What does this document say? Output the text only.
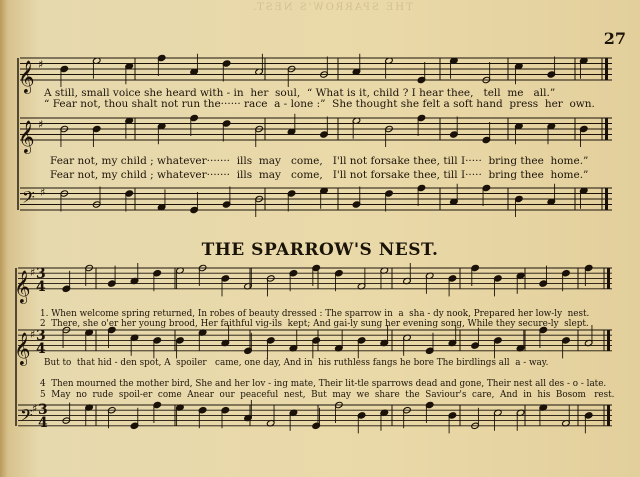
THE SPARROW'S NEST.
27
𝄞 ♯
𝄞 ♯
𝄢 ♯
𝄞 ♯ 3
4
𝄞 ♯ 3
4
𝄢 ♯ 3
4
A still, small voice she heard with - in  her  soul,  “ What is it, child ? I hear thee,   tell  me   all.”
“ Fear not, thou shalt not run the······ race  a - lone :”  She thought she felt a soft hand  press  her  own.
Fear not, my child ; whatever·······  ills  may   come,   I'll not forsake thee, till I·····  bring thee  home.”
Fear not, my child ; whatever·······  ills  may   come,   I'll not forsake thee, till I·····  bring thee  home.”
THE SPARROW'S NEST.
1. When welcome spring returned, In robes of beauty dressed : The sparrow in  a  sha - dy nook, Prepared her low-ly  nest.
But to  that hid - den spot, A  spoiler   came, one day, And in  his ruthless fangs he bore The birdlings all  a - way.
2  There, she o'er her young brood, Her faithful vig-ils  kept; And gai-ly sung her evening song, While they secure-ly  slept.
4  Then mourned the mother bird, She and her lov - ing mate, Their lit-tle sparrows dead and gone, Their nest all des - o - late.
5  May  no  rude  spoil-er  come  Anear  our  peaceful  nest,  But  may  we  share  the  Saviour's  care,  And  in  his  Bosom   rest.
